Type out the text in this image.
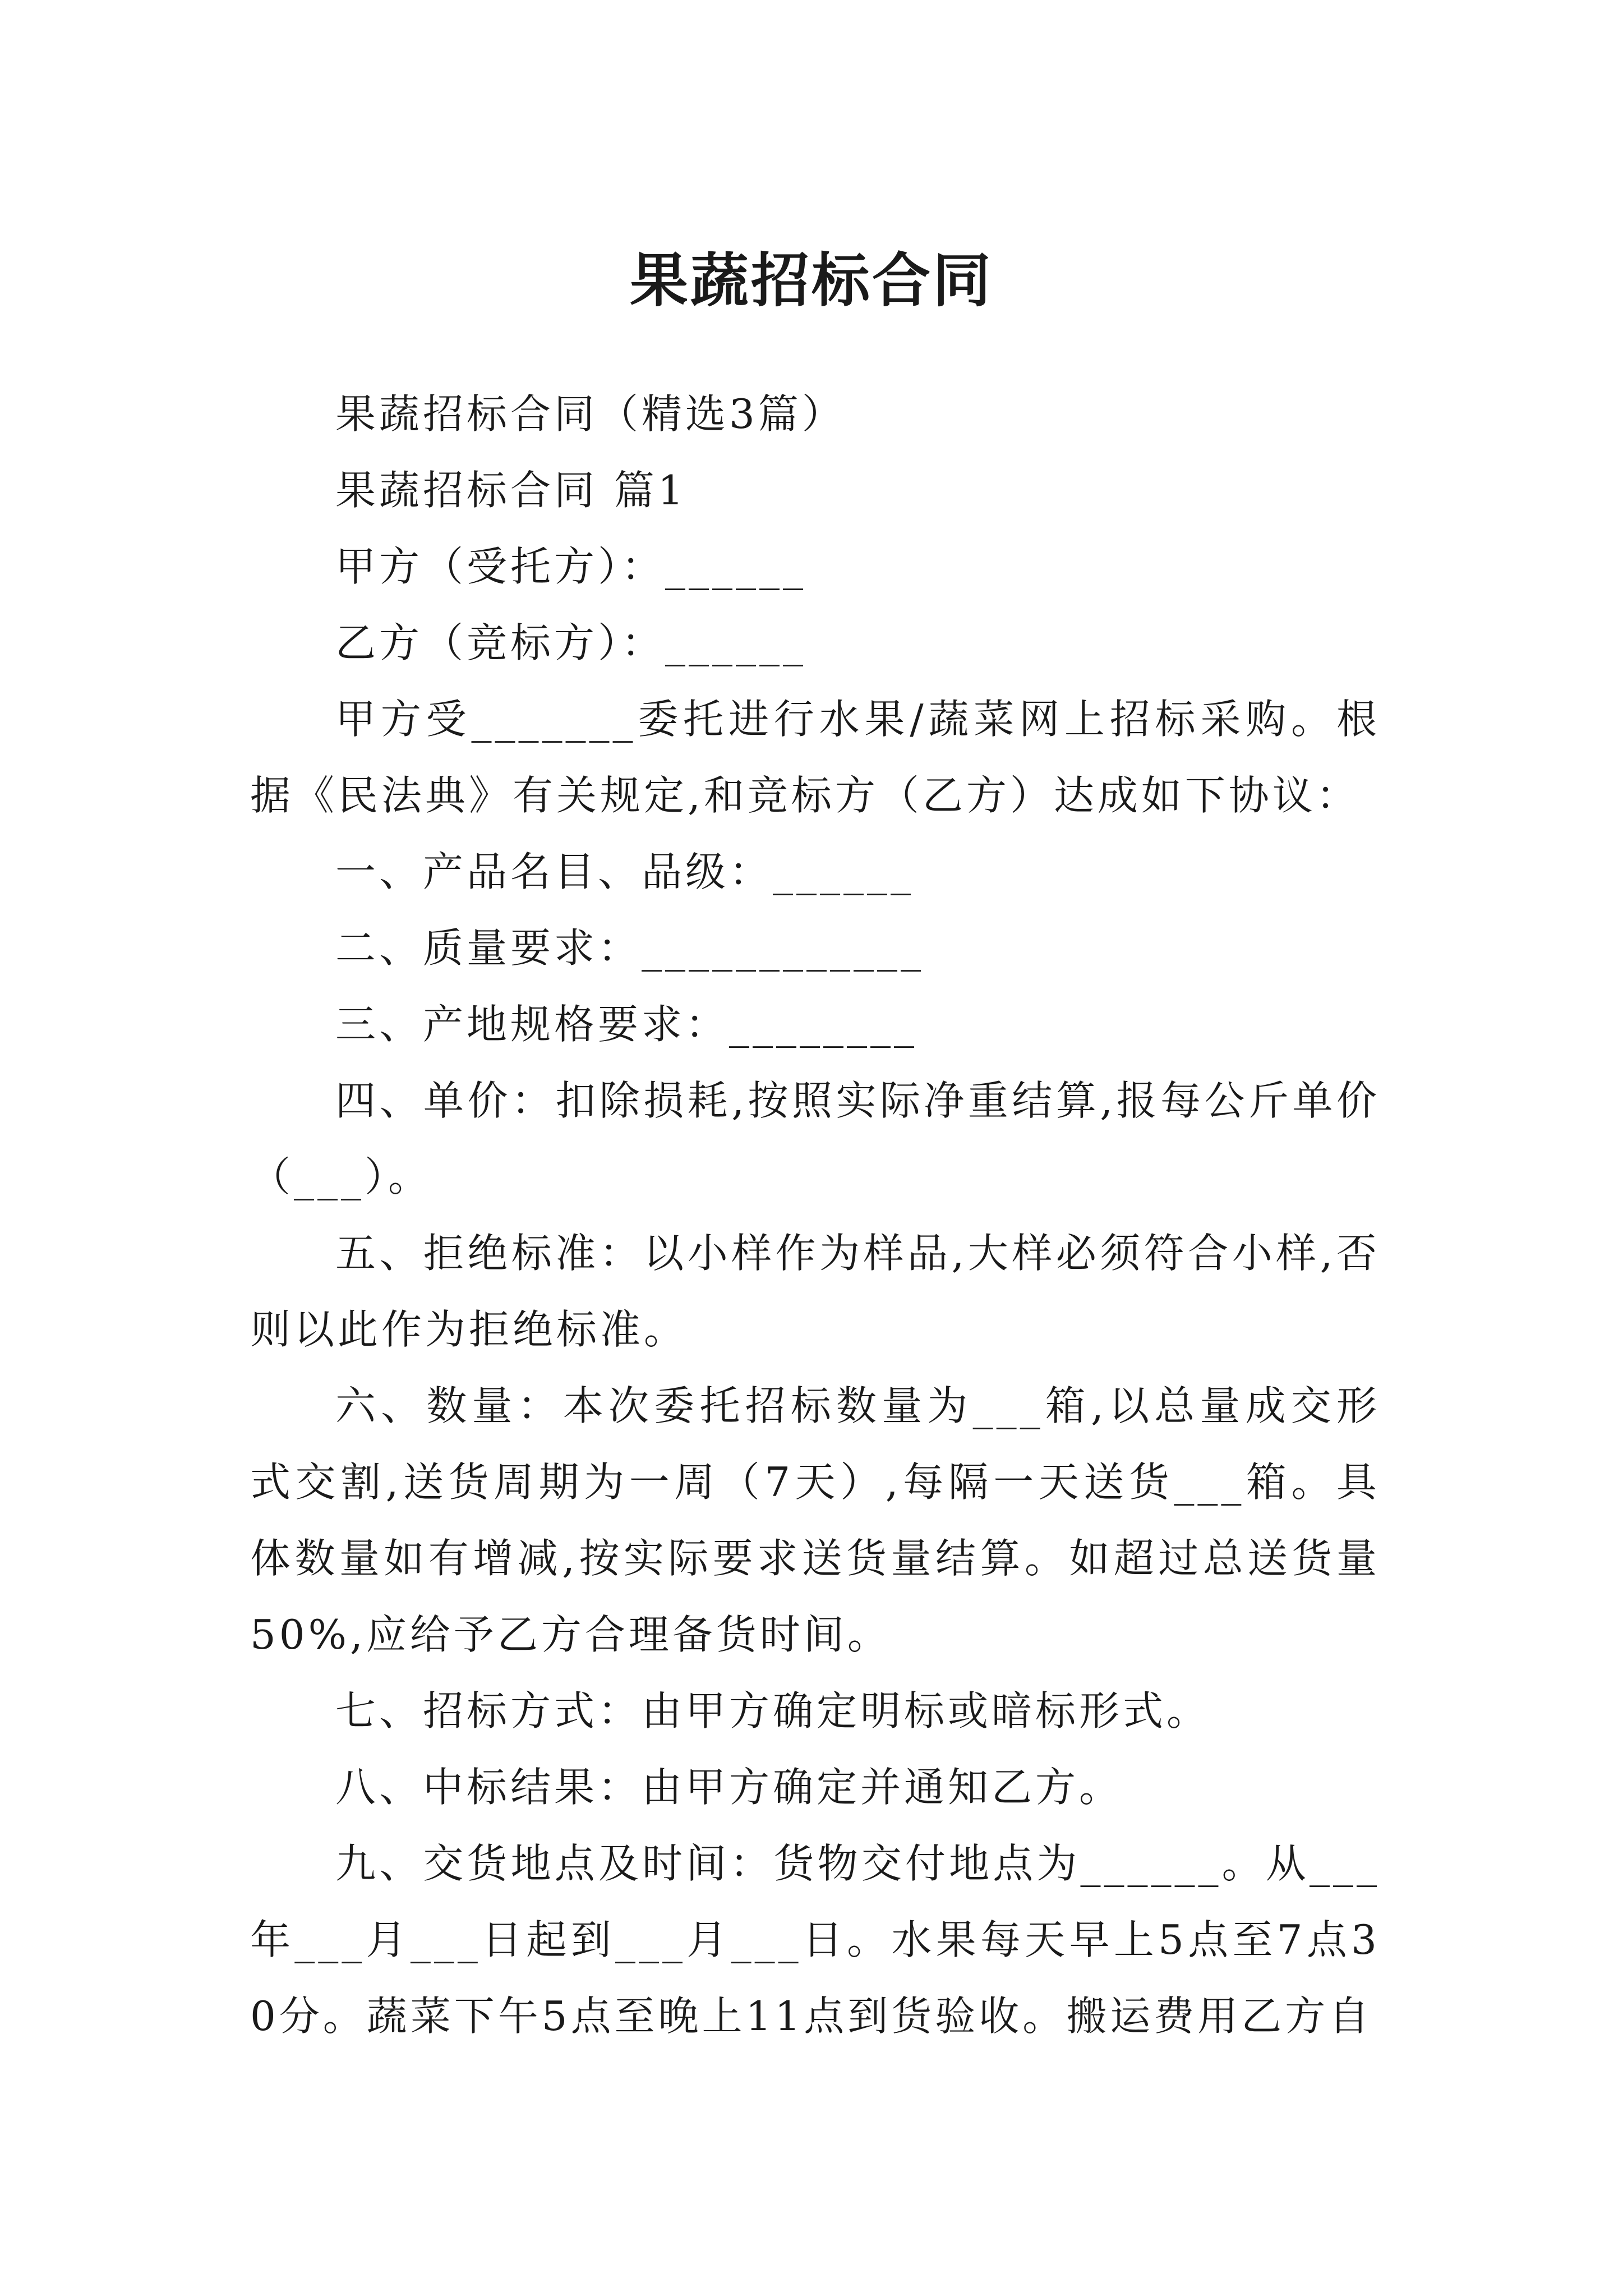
果蔬招标合同

果蔬招标合同（精选3篇）

果蔬招标合同 篇1

甲方（受托方）：______

乙方（竞标方）：______

甲方受_______委托进行水果/蔬菜网上招标采购。根据《民法典》有关规定,和竞标方（乙方）达成如下协议：

一、产品名目、品级：______

二、质量要求：____________

三、产地规格要求：________

四、单价：扣除损耗,按照实际净重结算,报每公斤单价（___）。

五、拒绝标准：以小样作为样品,大样必须符合小样,否则以此作为拒绝标准。

六、数量：本次委托招标数量为___箱,以总量成交形式交割,送货周期为一周（7天）,每隔一天送货___箱。具体数量如有增减,按实际要求送货量结算。如超过总送货量50%,应给予乙方合理备货时间。

七、招标方式：由甲方确定明标或暗标形式。

八、中标结果：由甲方确定并通知乙方。

九、交货地点及时间：货物交付地点为______。从___年___月___日起到___月___日。水果每天早上5点至7点30分。蔬菜下午5点至晚上11点到货验收。搬运费用乙方自
